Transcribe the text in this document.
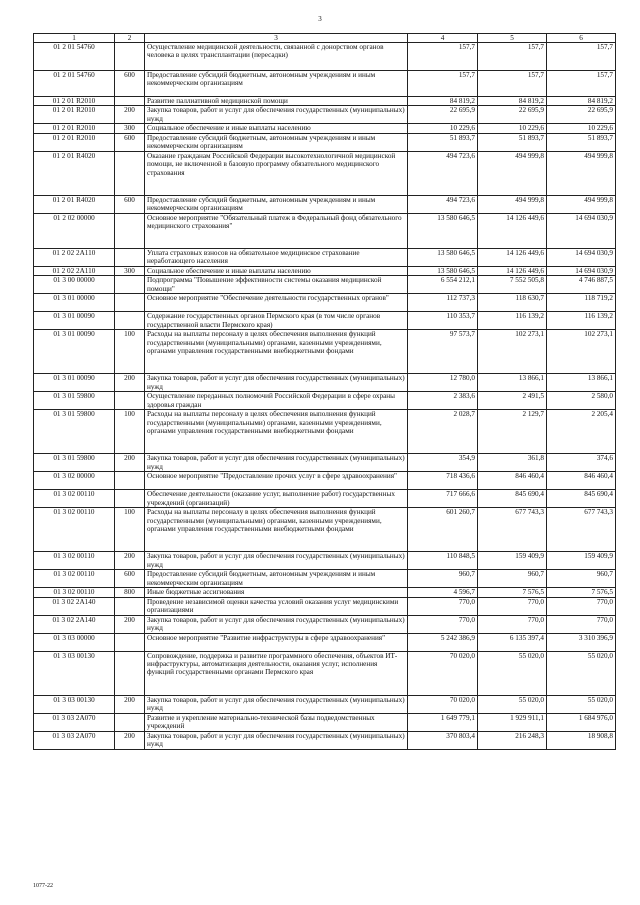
3
1	2	3	4	5	6
01 2 01 54760		Осуществление медицинской деятельности, связанной с донорством органов человека в целях трансплантации (пересадки)	157,7	157,7	157,7
01 2 01 54760	600	Предоставление субсидий бюджетным, автономным учреждениям и иным некоммерческим организациям	157,7	157,7	157,7
01 2 01 R2010		Развитие паллиативной медицинской помощи	84 819,2	84 819,2	84 819,2
01 2 01 R2010	200	Закупка товаров, работ и услуг для обеспечения государственных (муниципальных) нужд	22 695,9	22 695,9	22 695,9
01 2 01 R2010	300	Социальное обеспечение и иные выплаты населению	10 229,6	10 229,6	10 229,6
01 2 01 R2010	600	Предоставление субсидий бюджетным, автономным учреждениям и иным некоммерческим организациям	51 893,7	51 893,7	51 893,7
01 2 01 R4020		Оказание гражданам Российской Федерации высокотехнологичной медицинской помощи, не включенной в базовую программу обязательного медицинского страхования	494 723,6	494 999,8	494 999,8
01 2 01 R4020	600	Предоставление субсидий бюджетным, автономным учреждениям и иным некоммерческим организациям	494 723,6	494 999,8	494 999,8
01 2 02 00000		Основное мероприятие "Обязательный платеж в Федеральный фонд обязательного медицинского страхования"	13 580 646,5	14 126 449,6	14 694 030,9
01 2 02 2А110		Уплата страховых взносов на обязательное медицинское страхование неработающего населения	13 580 646,5	14 126 449,6	14 694 030,9
01 2 02 2А110	300	Социальное обеспечение и иные выплаты населению	13 580 646,5	14 126 449,6	14 694 030,9
01 3 00 00000		Подпрограмма "Повышение эффективности системы оказания медицинской помощи"	6 554 212,1	7 552 505,8	4 746 887,5
01 3 01 00000		Основное мероприятие "Обеспечение деятельности государственных органов"	112 737,3	118 630,7	118 719,2
01 3 01 00090		Содержание государственных органов Пермского края (в том числе органов государственной власти Пермского края)	110 353,7	116 139,2	116 139,2
01 3 01 00090	100	Расходы на выплаты персоналу в целях обеспечения выполнения функций государственными (муниципальными) органами, казенными учреждениями, органами управления государственными внебюджетными фондами	97 573,7	102 273,1	102 273,1
01 3 01 00090	200	Закупка товаров, работ и услуг для обеспечения государственных (муниципальных) нужд	12 780,0	13 866,1	13 866,1
01 3 01 59800		Осуществление переданных полномочий Российской Федерации в сфере охраны здоровья граждан	2 383,6	2 491,5	2 580,0
01 3 01 59800	100	Расходы на выплаты персоналу в целях обеспечения выполнения функций государственными (муниципальными) органами, казенными учреждениями, органами управления государственными внебюджетными фондами	2 028,7	2 129,7	2 205,4
01 3 01 59800	200	Закупка товаров, работ и услуг для обеспечения государственных (муниципальных) нужд	354,9	361,8	374,6
01 3 02 00000		Основное мероприятие "Предоставление прочих услуг в сфере здравоохранения"	718 436,6	846 460,4	846 460,4
01 3 02 00110		Обеспечение деятельности (оказание услуг, выполнение работ) государственных учреждений (организаций)	717 666,6	845 690,4	845 690,4
01 3 02 00110	100	Расходы на выплаты персоналу в целях обеспечения выполнения функций государственными (муниципальными) органами, казенными учреждениями, органами управления государственными внебюджетными фондами	601 260,7	677 743,3	677 743,3
01 3 02 00110	200	Закупка товаров, работ и услуг для обеспечения государственных (муниципальных) нужд	110 848,5	159 409,9	159 409,9
01 3 02 00110	600	Предоставление субсидий бюджетным, автономным учреждениям и иным некоммерческим организациям	960,7	960,7	960,7
01 3 02 00110	800	Иные бюджетные ассигнования	4 596,7	7 576,5	7 576,5
01 3 02 2А140		Проведение независимой оценки качества условий оказания услуг медицинскими организациями	770,0	770,0	770,0
01 3 02 2А140	200	Закупка товаров, работ и услуг для обеспечения государственных (муниципальных) нужд	770,0	770,0	770,0
01 3 03 00000		Основное мероприятие "Развитие инфраструктуры в сфере здравоохранения"	5 242 386,9	6 135 397,4	3 310 396,9
01 3 03 00130		Сопровождение, поддержка и развитие программного обеспечения, объектов ИТ-инфраструктуры, автоматизация деятельности, оказания услуг, исполнения функций государственными органами Пермского края	70 020,0	55 020,0	55 020,0
01 3 03 00130	200	Закупка товаров, работ и услуг для обеспечения государственных (муниципальных) нужд	70 020,0	55 020,0	55 020,0
01 3 03 2А070		Развитие и укрепление материально-технической базы подведомственных учреждений	1 649 779,1	1 929 911,1	1 684 976,0
01 3 03 2А070	200	Закупка товаров, работ и услуг для обеспечения государственных (муниципальных) нужд	370 803,4	216 248,3	18 908,8
1077-22
